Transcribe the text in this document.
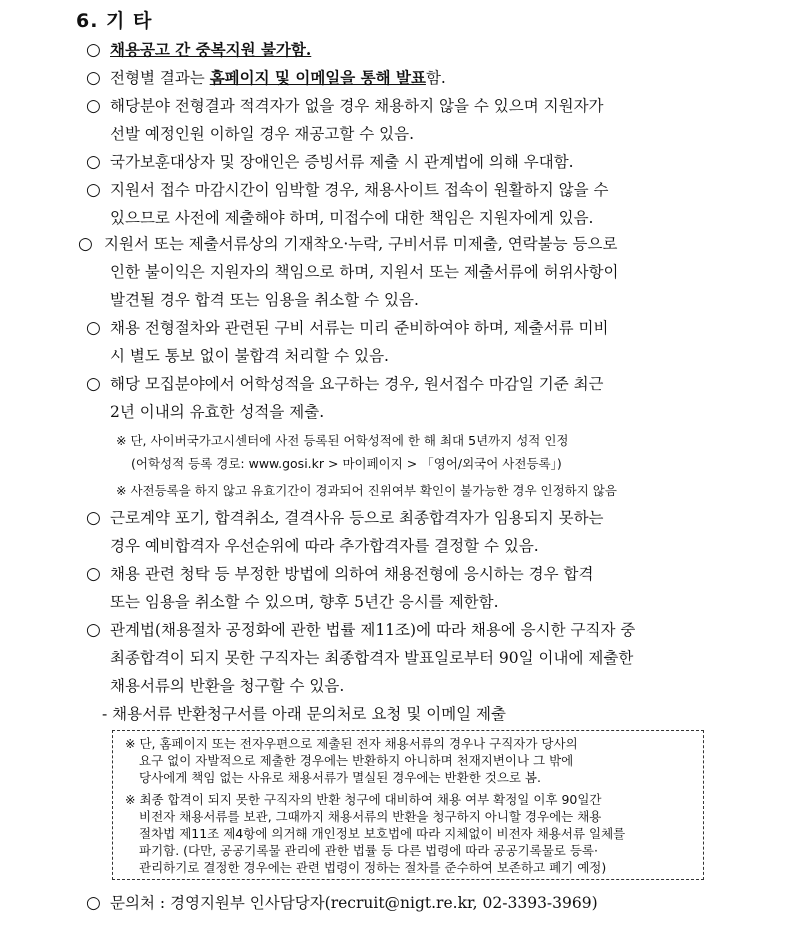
6. 기 타
○ 채용공고 간 중복지원 불가함.
○ 전형별 결과는 홈페이지 및 이메일을 통해 발표함.
○ 해당분야 전형결과 적격자가 없을 경우 채용하지 않을 수 있으며 지원자가
선발 예정인원 이하일 경우 재공고할 수 있음.
○ 국가보훈대상자 및 장애인은 증빙서류 제출 시 관계법에 의해 우대함.
○ 지원서 접수 마감시간이 임박할 경우, 채용사이트 접속이 원활하지 않을 수
있으므로 사전에 제출해야 하며, 미접수에 대한 책임은 지원자에게 있음.
○ 지원서 또는 제출서류상의 기재착오·누락, 구비서류 미제출, 연락불능 등으로
인한 불이익은 지원자의 책임으로 하며, 지원서 또는 제출서류에 허위사항이
발견될 경우 합격 또는 임용을 취소할 수 있음.
○ 채용 전형절차와 관련된 구비 서류는 미리 준비하여야 하며, 제출서류 미비
시 별도 통보 없이 불합격 처리할 수 있음.
○ 해당 모집분야에서 어학성적을 요구하는 경우, 원서접수 마감일 기준 최근
2년 이내의 유효한 성적을 제출.
※ 단, 사이버국가고시센터에 사전 등록된 어학성적에 한 해 최대 5년까지 성적 인정
(어학성적 등록 경로: www.gosi.kr > 마이페이지 > 「영어/외국어 사전등록」)
※ 사전등록을 하지 않고 유효기간이 경과되어 진위여부 확인이 불가능한 경우 인정하지 않음
○ 근로계약 포기, 합격취소, 결격사유 등으로 최종합격자가 임용되지 못하는
경우 예비합격자 우선순위에 따라 추가합격자를 결정할 수 있음.
○ 채용 관련 청탁 등 부정한 방법에 의하여 채용전형에 응시하는 경우 합격
또는 임용을 취소할 수 있으며, 향후 5년간 응시를 제한함.
○ 관계법(채용절차 공정화에 관한 법률 제11조)에 따라 채용에 응시한 구직자 중
최종합격이 되지 못한 구직자는 최종합격자 발표일로부터 90일 이내에 제출한
채용서류의 반환을 청구할 수 있음.
- 채용서류 반환청구서를 아래 문의처로 요청 및 이메일 제출
※ 단, 홈페이지 또는 전자우편으로 제출된 전자 채용서류의 경우나 구직자가 당사의
요구 없이 자발적으로 제출한 경우에는 반환하지 아니하며 천재지변이나 그 밖에
당사에게 책임 없는 사유로 채용서류가 멸실된 경우에는 반환한 것으로 봄.
※ 최종 합격이 되지 못한 구직자의 반환 청구에 대비하여 채용 여부 확정일 이후 90일간
비전자 채용서류를 보관, 그때까지 채용서류의 반환을 청구하지 아니할 경우에는 채용
절차법 제11조 제4항에 의거해 개인정보 보호법에 따라 지체없이 비전자 채용서류 일체를
파기함. (다만, 공공기록물 관리에 관한 법률 등 다른 법령에 따라 공공기록물로 등록·
관리하기로 결정한 경우에는 관련 법령이 정하는 절차를 준수하여 보존하고 폐기 예정)
○ 문의처 : 경영지원부 인사담당자(recruit@nigt.re.kr, 02-3393-3969)
